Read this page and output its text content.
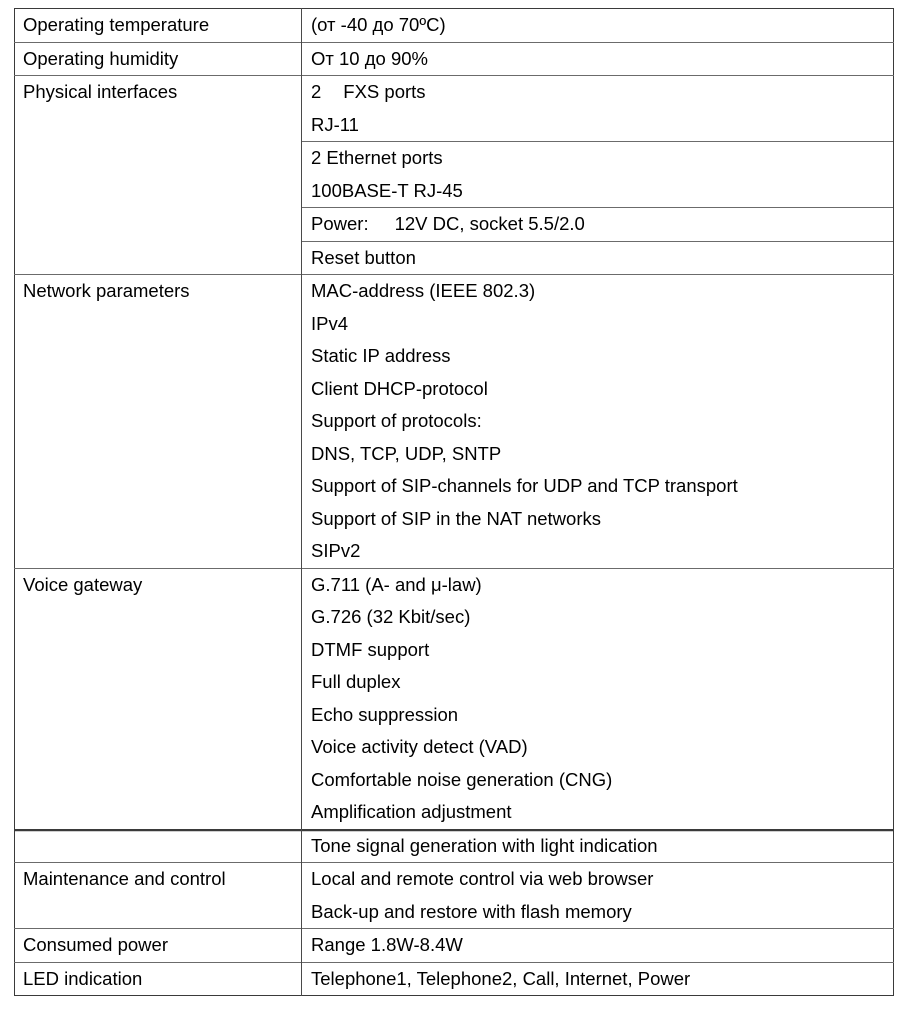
Operating temperature	(от -40 до 70ºC)

Operating humidity	От 10 до 90%

Physical interfaces		2 FXS ports
RJ-11

2 Ethernet ports
100BASE-T RJ-45

Power: 12V DC, socket 5.5/2.0

Reset button

Network parameters	MAC-address (IEEE 802.3)
IPv4
Static IP address
Client DHCP-protocol
Support of protocols:
DNS, TCP, UDP, SNTP
Support of SIP-channels for UDP and TCP transport
Support of SIP in the NAT networks
SIPv2

Voice gateway	G.711 (A- and μ-law)
G.726 (32 Kbit/sec)
DTMF support
Full duplex
Echo suppression
Voice activity detect (VAD)
Comfortable noise generation (CNG)
Amplification adjustment

Tone signal generation with light indication

Maintenance and control	Local and remote control via web browser
Back-up and restore with flash memory

Consumed power	Range 1.8W-8.4W

LED indication	Telephone1, Telephone2, Call, Internet, Power
